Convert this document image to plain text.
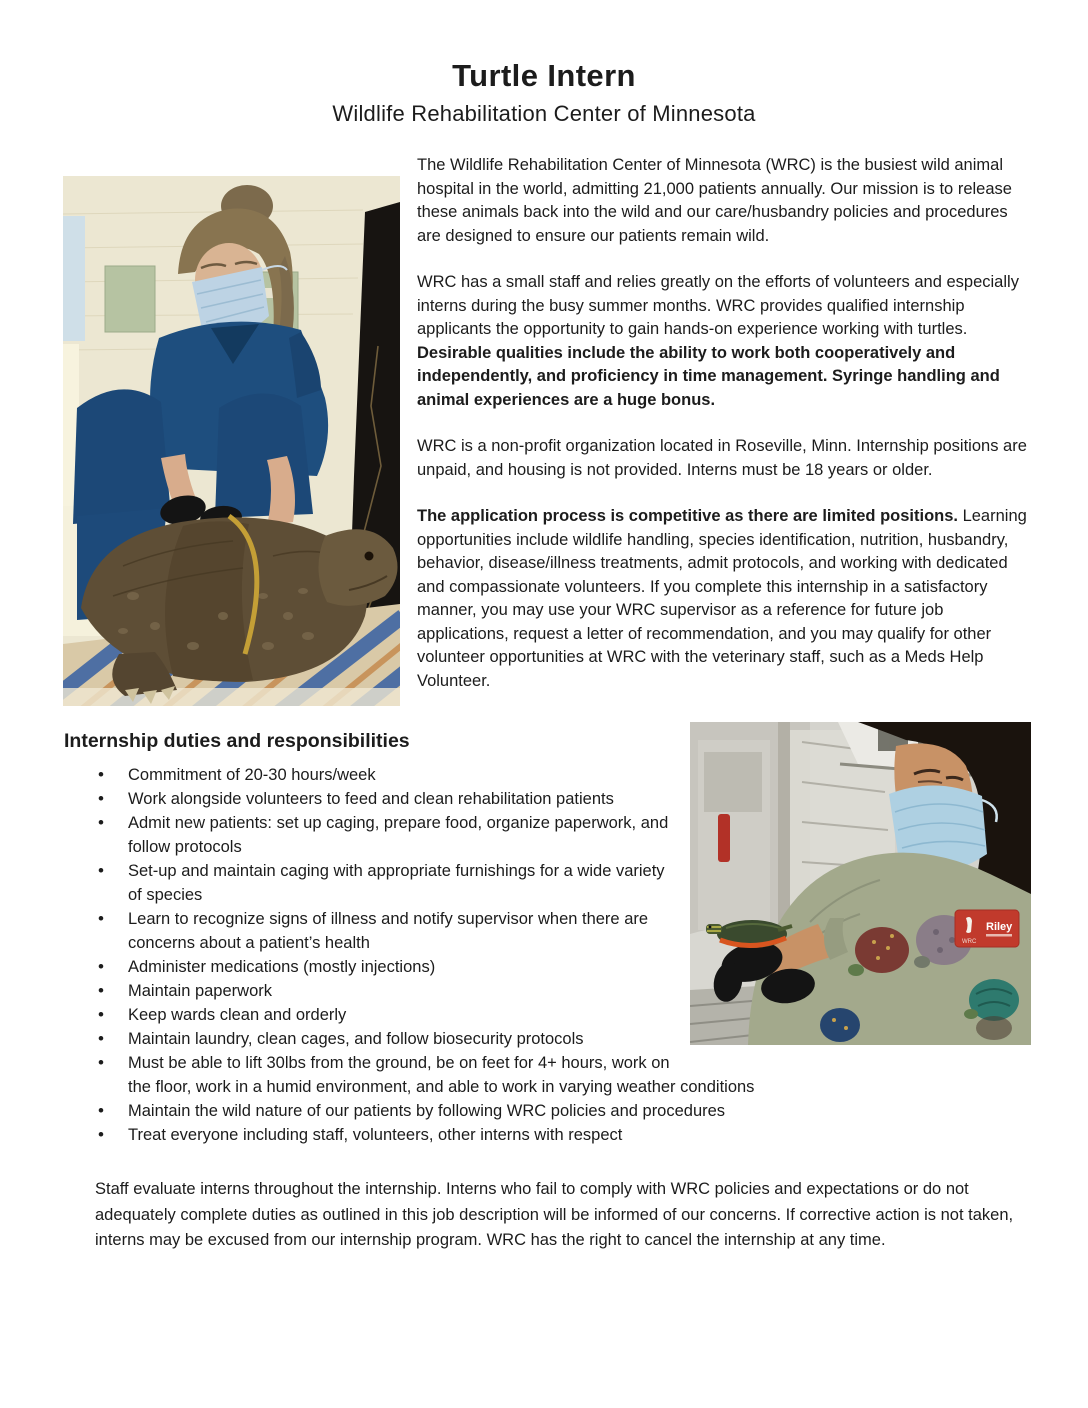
Turtle Intern
Wildlife Rehabilitation Center of Minnesota

The Wildlife Rehabilitation Center of Minnesota (WRC) is the busiest wild animal hospital in the world, admitting 21,000 patients annually. Our mission is to release these animals back into the wild and our care/husbandry policies and procedures are designed to ensure our patients remain wild.

WRC has a small staff and relies greatly on the efforts of volunteers and especially interns during the busy summer months. WRC provides qualified internship applicants the opportunity to gain hands-on experience working with turtles. Desirable qualities include the ability to work both cooperatively and independently, and proficiency in time management. Syringe handling and animal experiences are a huge bonus.

WRC is a non-profit organization located in Roseville, Minn. Internship positions are unpaid, and housing is not provided. Interns must be 18 years or older.

The application process is competitive as there are limited positions. Learning opportunities include wildlife handling, species identification, nutrition, husbandry, behavior, disease/illness treatments, admit protocols, and working with dedicated and compassionate volunteers. If you complete this internship in a satisfactory manner, you may use your WRC supervisor as a reference for future job applications, request a letter of recommendation, and you may qualify for other volunteer opportunities at WRC with the veterinary staff, such as a Meds Help Volunteer.

Riley
WRC
Internship duties and responsibilities
• Commitment of 20-30 hours/week
• Work alongside volunteers to feed and clean rehabilitation patients
• Admit new patients: set up caging, prepare food, organize paperwork, and follow protocols
• Set-up and maintain caging with appropriate furnishings for a wide variety of species
• Learn to recognize signs of illness and notify supervisor when there are concerns about a patient’s health
• Administer medications (mostly injections)
• Maintain paperwork
• Keep wards clean and orderly
• Maintain laundry, clean cages, and follow biosecurity protocols
• Must be able to lift 30lbs from the ground, be on feet for 4+ hours, work on the floor, work in a humid environment, and able to work in varying weather conditions
• Maintain the wild nature of our patients by following WRC policies and procedures
• Treat everyone including staff, volunteers, other interns with respect

Staff evaluate interns throughout the internship. Interns who fail to comply with WRC policies and expectations or do not adequately complete duties as outlined in this job description will be informed of our concerns. If corrective action is not taken, interns may be excused from our internship program. WRC has the right to cancel the internship at any time.
